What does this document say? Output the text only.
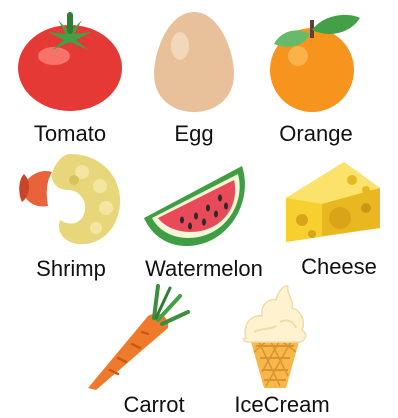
Tomato	Egg	Orange
Shrimp	Watermelon	Cheese
Carrot	IceCream
